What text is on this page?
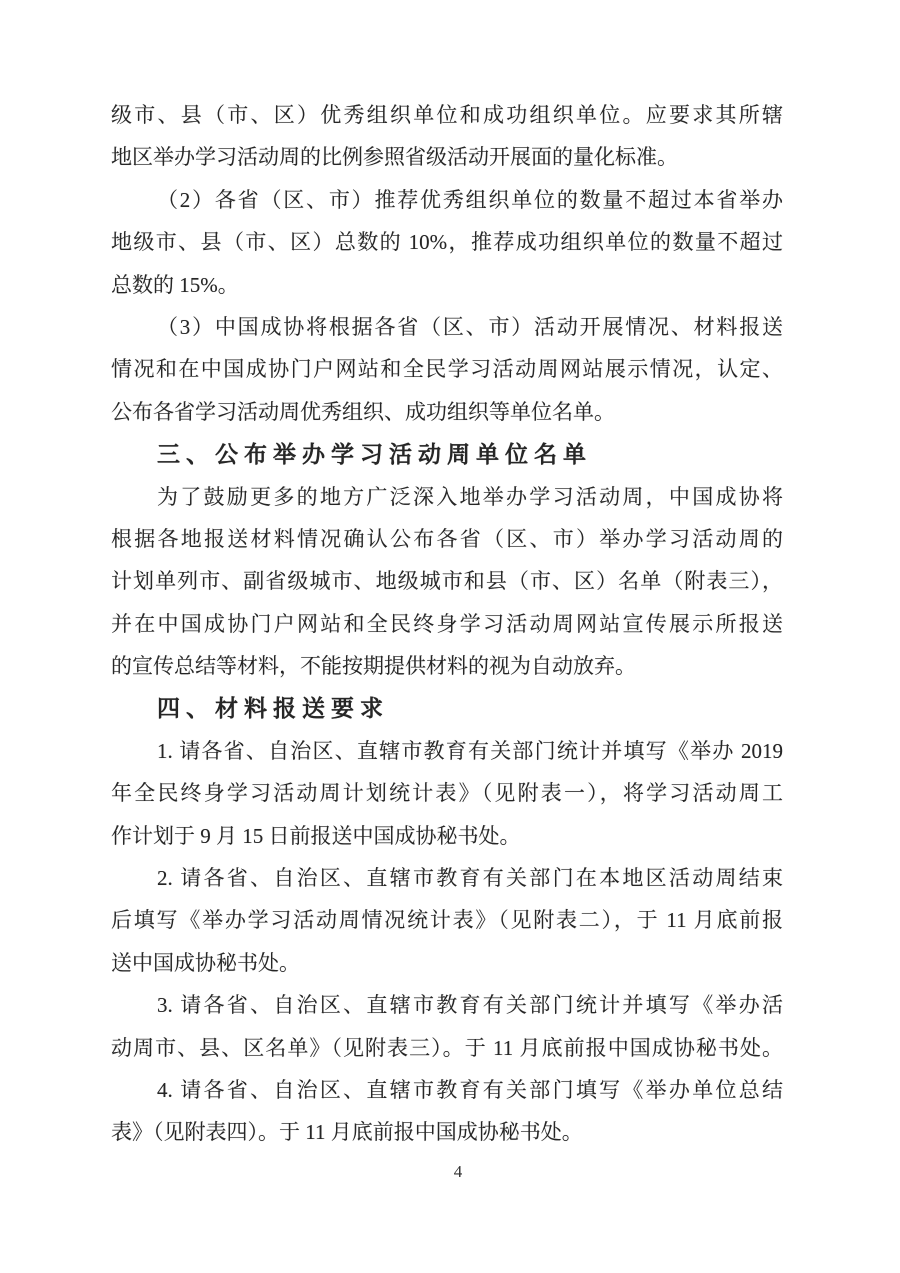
级市、县（市、区）优秀组织单位和成功组织单位。应要求其所辖
地区举办学习活动周的比例参照省级活动开展面的量化标准。
（2）各省（区、市）推荐优秀组织单位的数量不超过本省举办
地级市、县（市、区）总数的 10%，推荐成功组织单位的数量不超过
总数的 15%。
（3）中国成协将根据各省（区、市）活动开展情况、材料报送
情况和在中国成协门户网站和全民学习活动周网站展示情况，认定、
公布各省学习活动周优秀组织、成功组织等单位名单。
三、公布举办学习活动周单位名单
为了鼓励更多的地方广泛深入地举办学习活动周，中国成协将
根据各地报送材料情况确认公布各省（区、市）举办学习活动周的
计划单列市、副省级城市、地级城市和县（市、区）名单（附表三），
并在中国成协门户网站和全民终身学习活动周网站宣传展示所报送
的宣传总结等材料，不能按期提供材料的视为自动放弃。
四、材料报送要求
1. 请各省、自治区、直辖市教育有关部门统计并填写《举办 2019
年全民终身学习活动周计划统计表》（见附表一），将学习活动周工
作计划于 9 月 15 日前报送中国成协秘书处。
2. 请各省、自治区、直辖市教育有关部门在本地区活动周结束
后填写《举办学习活动周情况统计表》（见附表二），于 11 月底前报
送中国成协秘书处。
3. 请各省、自治区、直辖市教育有关部门统计并填写《举办活
动周市、县、区名单》（见附表三）。于 11 月底前报中国成协秘书处。
4. 请各省、自治区、直辖市教育有关部门填写《举办单位总结
表》（见附表四）。于 11 月底前报中国成协秘书处。
4
